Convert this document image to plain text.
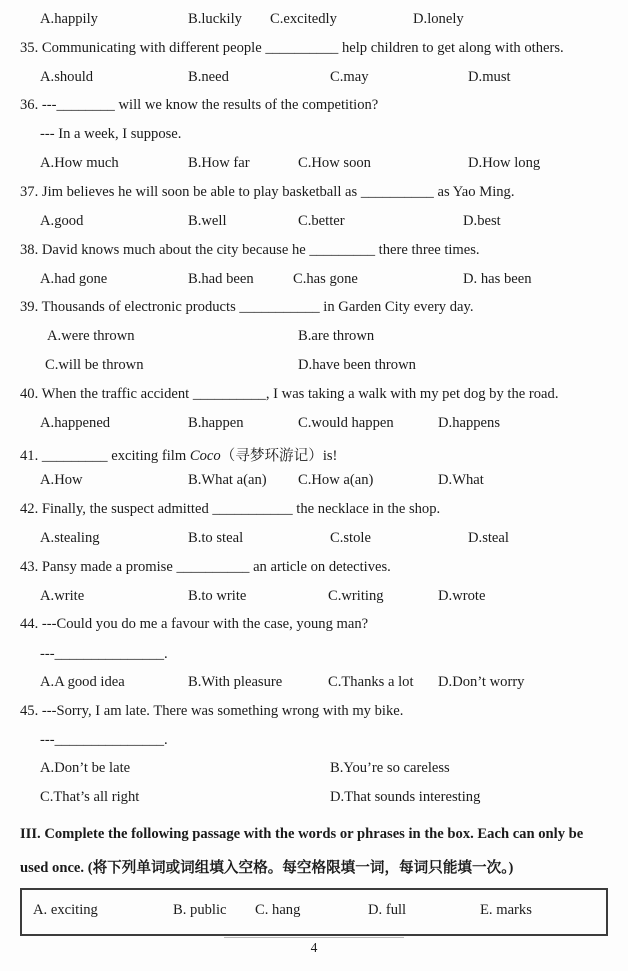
A.happily	B.luckily C.excitedly	D.lonely
35. Communicating with different people __________ help children to get along with others.
A.should	B.need	C.may	D.must
36. ---________ will we know the results of the competition?
--- In a week, I suppose.
A.How much	B.How far	C.How soon	D.How long
37. Jim believes he will soon be able to play basketball as __________ as Yao Ming.
A.good	B.well	C.better	D.best
38. David knows much about the city because he _________ there three times.
A.had gone	B.had been	C.has gone	D. has been
39. Thousands of electronic products ___________ in Garden City every day.
A.were thrown	B.are thrown
C.will be thrown	D.have been thrown
40. When the traffic accident __________, I was taking a walk with my pet dog by the road.
A.happened	B.happen	C.would happen	D.happens
41. _________ exciting film Coco（寻梦环游记）is!
A.How	B.What a(an) C.How a(an)	D.What
42. Finally, the suspect admitted ___________ the necklace in the shop.
A.stealing	B.to steal	C.stole	D.steal
43. Pansy made a promise __________ an article on detectives.
A.write	B.to write	C.writing	D.wrote
44. ---Could you do me a favour with the case, young man?
---_______________.
A.A good idea	B.With pleasure	C.Thanks a lot D.Don’t worry
45. ---Sorry, I am late. There was something wrong with my bike.
---_______________.
A.Don’t be late	B.You’re so careless
C.That’s all right	D.That sounds interesting
III. Complete the following passage with the words or phrases in the box. Each can only be
used once. (将下列单词或词组填入空格。每空格限填一词，每词只能填一次。)
A. exciting	B. public C. hang	D. full	E. marks
4
